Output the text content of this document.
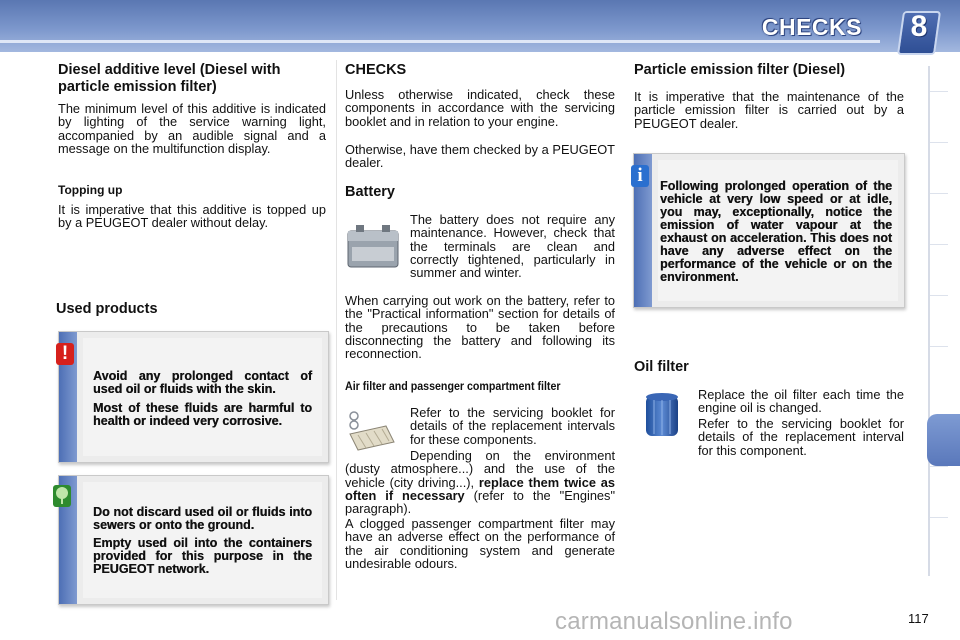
CHECKS 8
Diesel additive level (Diesel with particle emission filter)

The minimum level of this additive is indicated by lighting of the service warning light, accompanied by an audible signal and a message on the multifunction display.

Topping up

It is imperative that this additive is topped up by a PEUGEOT dealer without delay.

Used products

Avoid any prolonged contact of used oil or fluids with the skin.

Most of these fluids are harmful to health or indeed very corrosive.

!

Do not discard used oil or fluids into sewers or onto the ground.

Empty used oil into the containers provided for this purpose in the PEUGEOT network.

CHECKS

Unless otherwise indicated, check these components in accordance with the servicing booklet and in relation to your engine.

Otherwise, have them checked by a PEUGEOT dealer.

Battery

The battery does not require any maintenance. However, check that the terminals are clean and correctly tightened, particularly in summer and winter.

When carrying out work on the battery, refer to the "Practical information" section for details of the precautions to be taken before disconnecting the battery and following its reconnection.

Air filter and passenger compartment filter

Refer to the servicing booklet for details of the replacement intervals for these components.

Depending on the environment (dusty atmosphere...) and the use of the vehicle (city driving...), replace them twice as often if necessary (refer to the "Engines" paragraph).

A clogged passenger compartment filter may have an adverse effect on the performance of the air conditioning system and generate undesirable odours.

Particle emission filter (Diesel)

It is imperative that the maintenance of the particle emission filter is carried out by a PEUGEOT dealer.

Following prolonged operation of the vehicle at very low speed or at idle, you may, exceptionally, notice the emission of water vapour at the exhaust on acceleration. This does not have any adverse effect on the performance of the vehicle or on the environment.

i
Oil filter

Replace the oil filter each time the engine oil is changed.

Refer to the servicing booklet for details of the replacement interval for this component.

carmanualsonline.info	117
